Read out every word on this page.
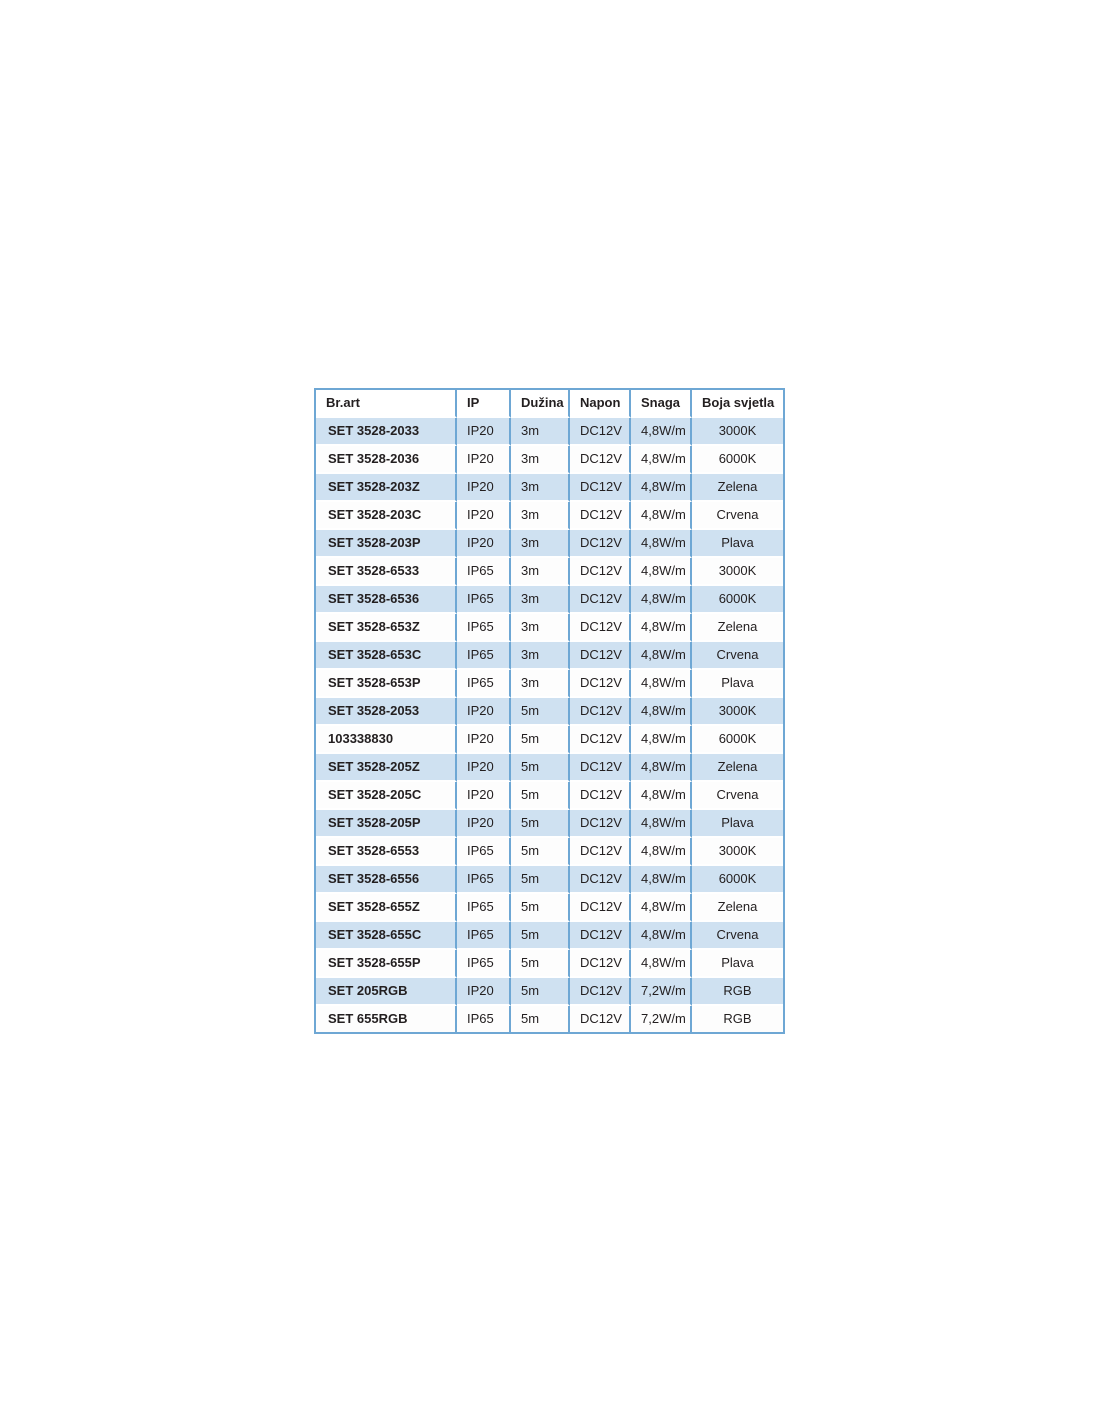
Br.art	IP	Dužina	Napon	Snaga	Boja svjetla
SET 3528-2033	IP20	3m	DC12V	4,8W/m	3000K
SET 3528-2036	IP20	3m	DC12V	4,8W/m	6000K
SET 3528-203Z	IP20	3m	DC12V	4,8W/m	Zelena
SET 3528-203C	IP20	3m	DC12V	4,8W/m	Crvena
SET 3528-203P	IP20	3m	DC12V	4,8W/m	Plava
SET 3528-6533	IP65	3m	DC12V	4,8W/m	3000K
SET 3528-6536	IP65	3m	DC12V	4,8W/m	6000K
SET 3528-653Z	IP65	3m	DC12V	4,8W/m	Zelena
SET 3528-653C	IP65	3m	DC12V	4,8W/m	Crvena
SET 3528-653P	IP65	3m	DC12V	4,8W/m	Plava
SET 3528-2053	IP20	5m	DC12V	4,8W/m	3000K
103338830	IP20	5m	DC12V	4,8W/m	6000K
SET 3528-205Z	IP20	5m	DC12V	4,8W/m	Zelena
SET 3528-205C	IP20	5m	DC12V	4,8W/m	Crvena
SET 3528-205P	IP20	5m	DC12V	4,8W/m	Plava
SET 3528-6553	IP65	5m	DC12V	4,8W/m	3000K
SET 3528-6556	IP65	5m	DC12V	4,8W/m	6000K
SET 3528-655Z	IP65	5m	DC12V	4,8W/m	Zelena
SET 3528-655C	IP65	5m	DC12V	4,8W/m	Crvena
SET 3528-655P	IP65	5m	DC12V	4,8W/m	Plava
SET 205RGB	IP20	5m	DC12V	7,2W/m	RGB
SET 655RGB	IP65	5m	DC12V	7,2W/m	RGB
